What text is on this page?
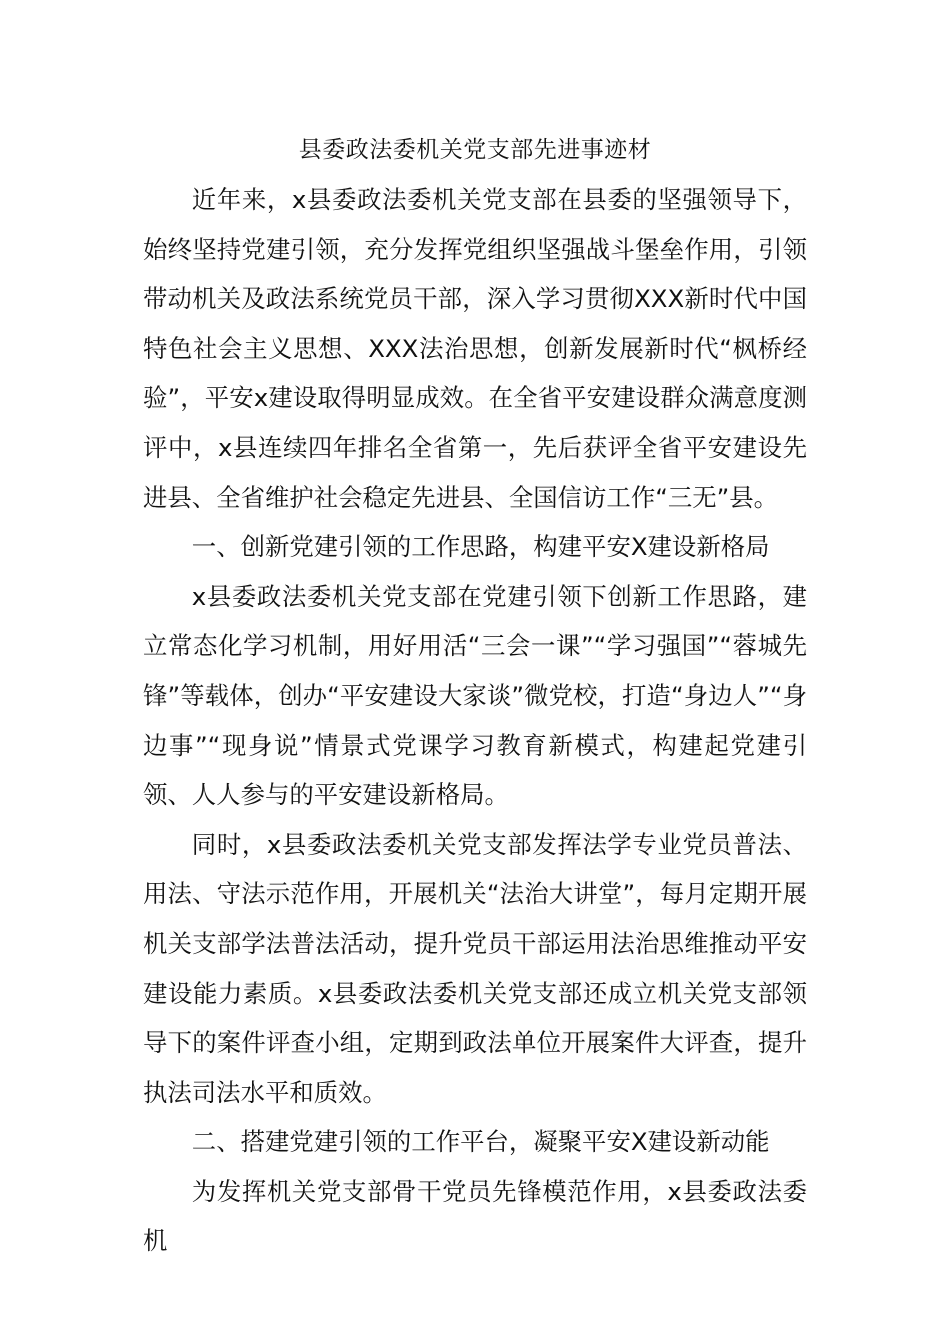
县委政法委机关党支部先进事迹材

近年来，x县委政法委机关党支部在县委的坚强领导下，始终坚持党建引领，充分发挥党组织坚强战斗堡垒作用，引领带动机关及政法系统党员干部，深入学习贯彻XXX新时代中国特色社会主义思想、XXX法治思想，创新发展新时代“枫桥经验”，平安x建设取得明显成效。在全省平安建设群众满意度测评中，x县连续四年排名全省第一，先后获评全省平安建设先进县、全省维护社会稳定先进县、全国信访工作“三无”县。

一、创新党建引领的工作思路，构建平安X建设新格局

x县委政法委机关党支部在党建引领下创新工作思路，建立常态化学习机制，用好用活“三会一课”“学习强国”“蓉城先锋”等载体，创办“平安建设大家谈”微党校，打造“身边人”“身边事”“现身说”情景式党课学习教育新模式，构建起党建引领、人人参与的平安建设新格局。

同时，x县委政法委机关党支部发挥法学专业党员普法、用法、守法示范作用，开展机关“法治大讲堂”，每月定期开展机关支部学法普法活动，提升党员干部运用法治思维推动平安建设能力素质。x县委政法委机关党支部还成立机关党支部领导下的案件评查小组，定期到政法单位开展案件大评查，提升执法司法水平和质效。

二、搭建党建引领的工作平台，凝聚平安X建设新动能

为发挥机关党支部骨干党员先锋模范作用，x县委政法委机
